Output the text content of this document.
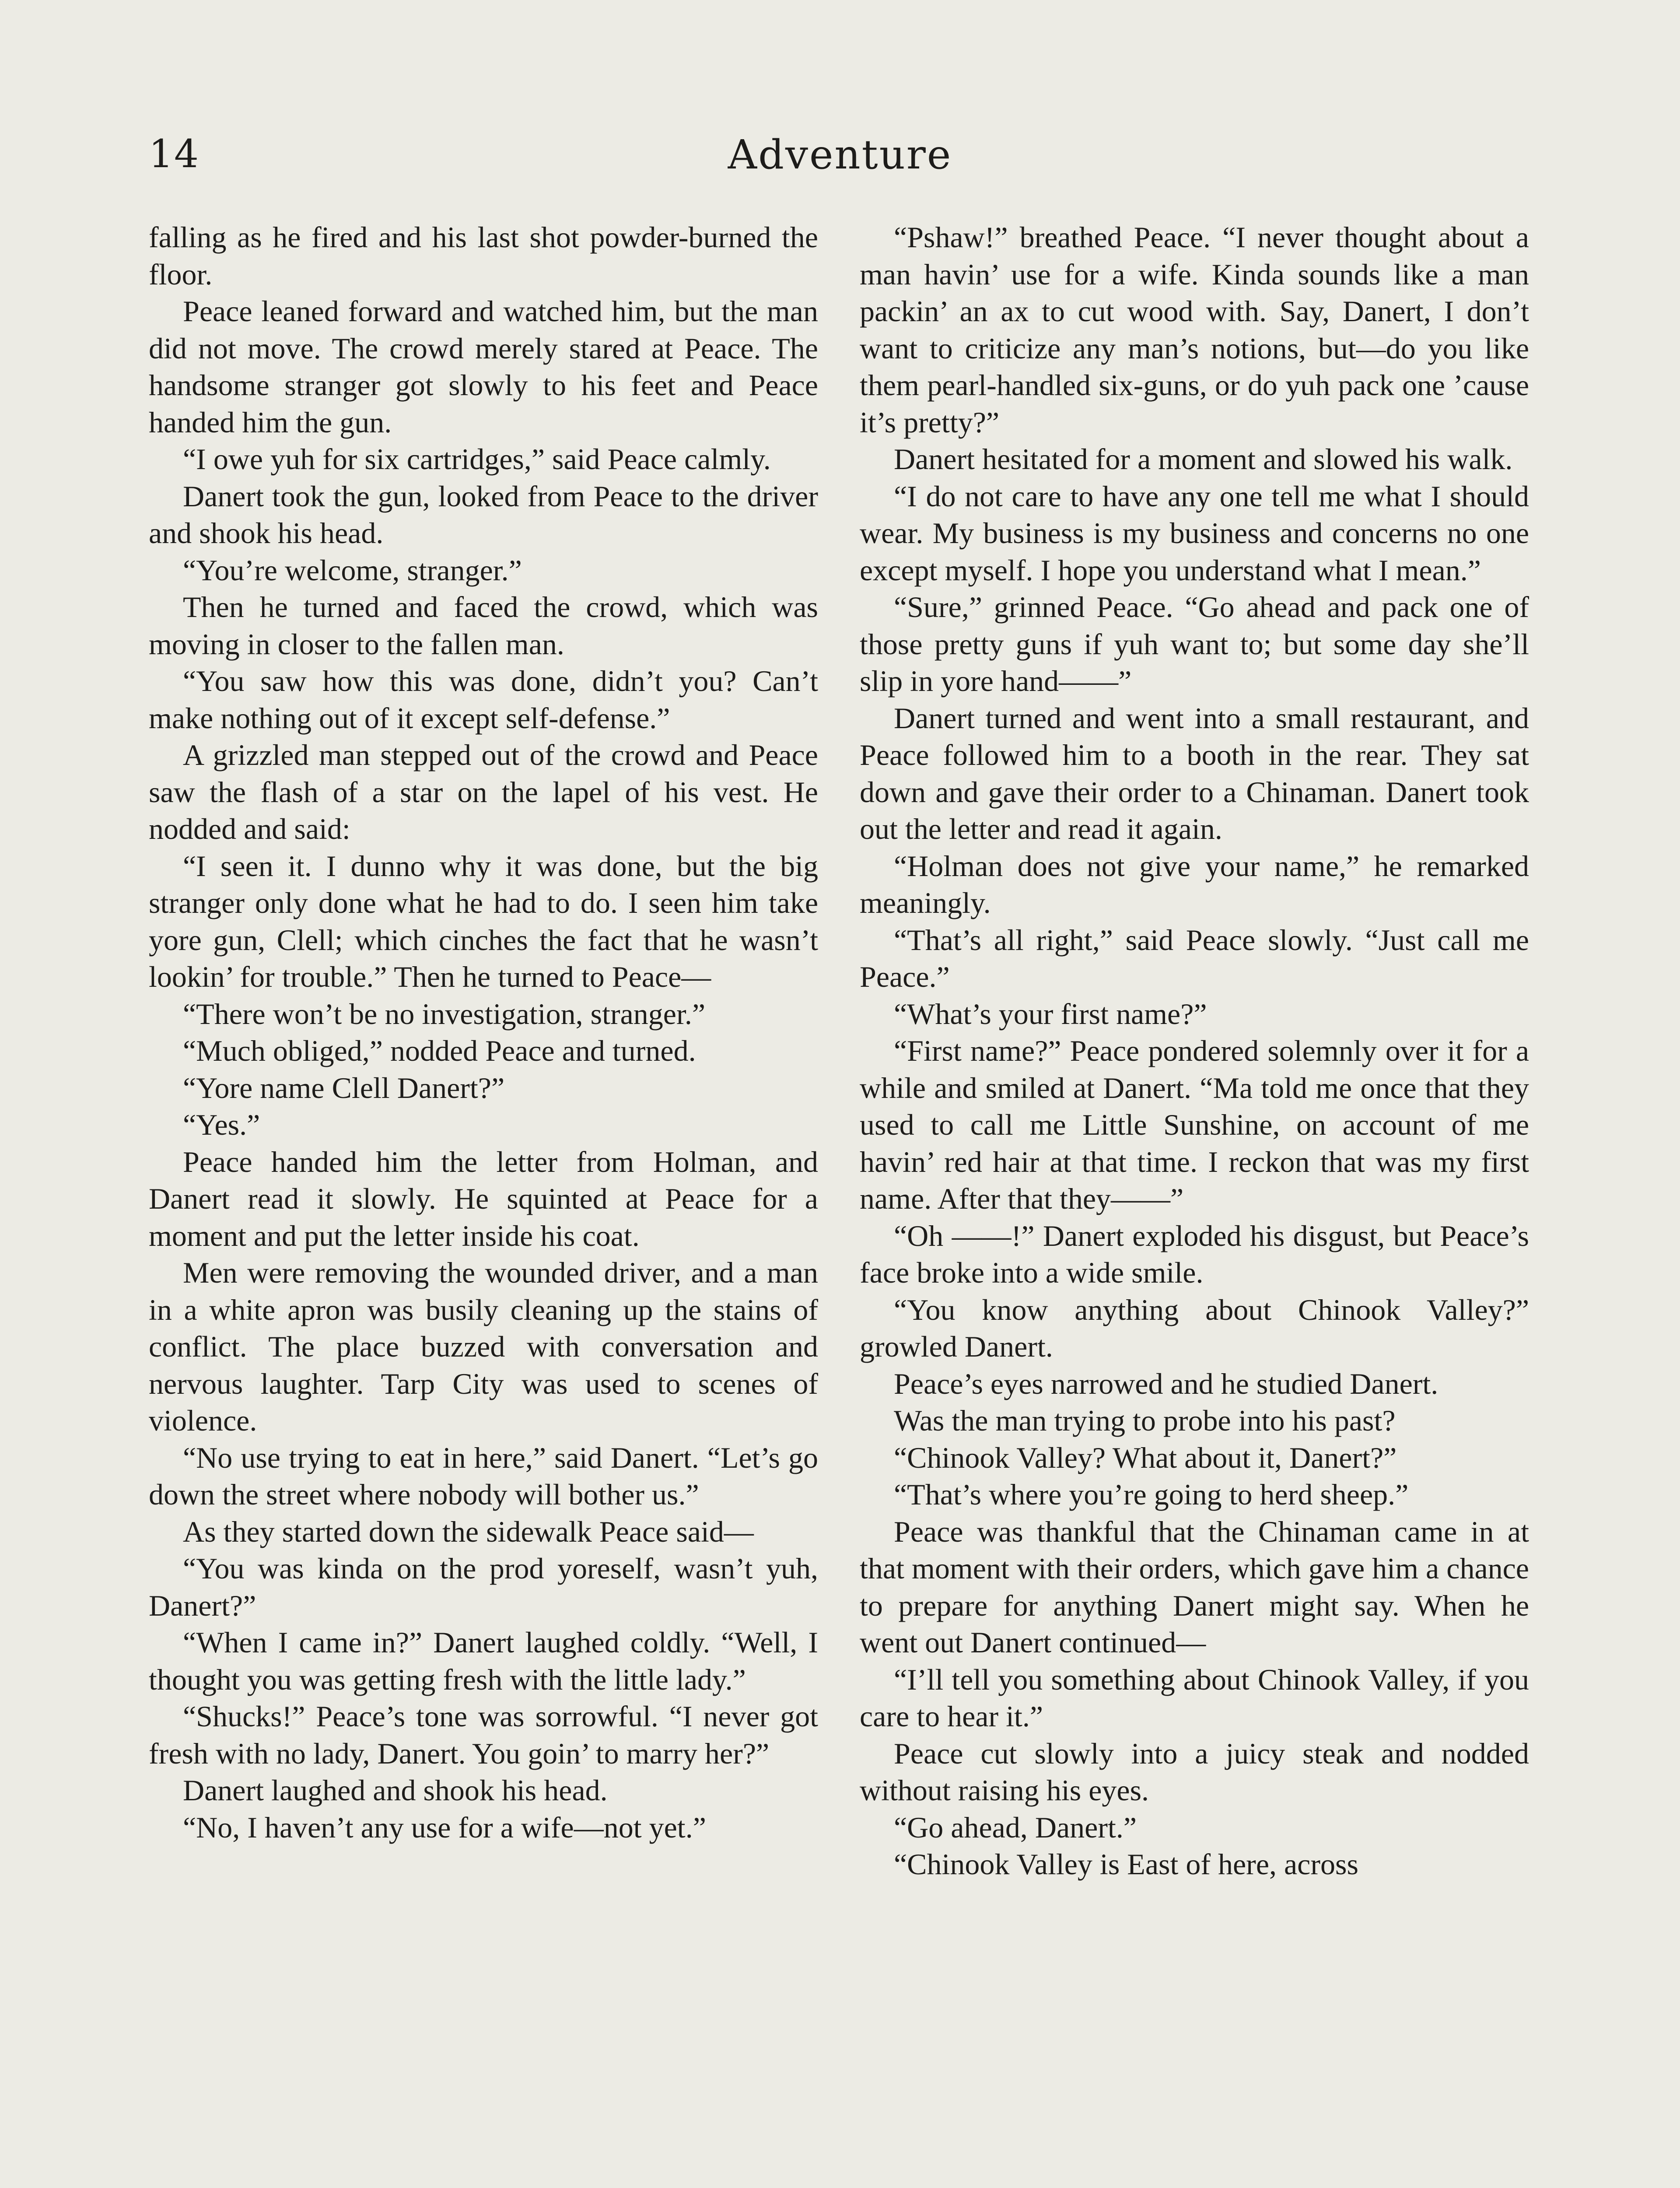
14	Adventure

falling as he fired and his last shot powder-burned the floor.

Peace leaned forward and watched him, but the man did not move. The crowd merely stared at Peace. The handsome stranger got slowly to his feet and Peace handed him the gun.

“I owe yuh for six cartridges,” said Peace calmly.

Danert took the gun, looked from Peace to the driver and shook his head.

“You’re welcome, stranger.”

Then he turned and faced the crowd, which was moving in closer to the fallen man.

“You saw how this was done, didn’t you? Can’t make nothing out of it except self-defense.”

A grizzled man stepped out of the crowd and Peace saw the flash of a star on the lapel of his vest. He nodded and said:

“I seen it. I dunno why it was done, but the big stranger only done what he had to do. I seen him take yore gun, Clell; which cinches the fact that he wasn’t lookin’ for trouble.” Then he turned to Peace—

“There won’t be no investigation, stranger.”

“Much obliged,” nodded Peace and turned.

“Yore name Clell Danert?”

“Yes.”

Peace handed him the letter from Holman, and Danert read it slowly. He squinted at Peace for a moment and put the letter inside his coat.

Men were removing the wounded driver, and a man in a white apron was busily cleaning up the stains of conflict. The place buzzed with conversation and nervous laughter. Tarp City was used to scenes of violence.

“No use trying to eat in here,” said Danert. “Let’s go down the street where nobody will bother us.”

As they started down the sidewalk Peace said—

“You was kinda on the prod yoreself, wasn’t yuh, Danert?”

“When I came in?” Danert laughed coldly. “Well, I thought you was getting fresh with the little lady.”

“Shucks!” Peace’s tone was sorrowful. “I never got fresh with no lady, Danert. You goin’ to marry her?”

Danert laughed and shook his head.

“No, I haven’t any use for a wife—not yet.”

“Pshaw!” breathed Peace. “I never thought about a man havin’ use for a wife. Kinda sounds like a man packin’ an ax to cut wood with. Say, Danert, I don’t want to criticize any man’s notions, but—do you like them pearl-handled six-guns, or do yuh pack one ’cause it’s pretty?”

Danert hesitated for a moment and slowed his walk.

“I do not care to have any one tell me what I should wear. My business is my business and concerns no one except myself. I hope you understand what I mean.”

“Sure,” grinned Peace. “Go ahead and pack one of those pretty guns if yuh want to; but some day she’ll slip in yore hand——”

Danert turned and went into a small restaurant, and Peace followed him to a booth in the rear. They sat down and gave their order to a Chinaman. Danert took out the letter and read it again.

“Holman does not give your name,” he remarked meaningly.

“That’s all right,” said Peace slowly. “Just call me Peace.”

“What’s your first name?”

“First name?” Peace pondered solemnly over it for a while and smiled at Danert. “Ma told me once that they used to call me Little Sunshine, on account of me havin’ red hair at that time. I reckon that was my first name. After that they——”

“Oh ——!” Danert exploded his disgust, but Peace’s face broke into a wide smile.

“You know anything about Chinook Valley?” growled Danert.

Peace’s eyes narrowed and he studied Danert.

Was the man trying to probe into his past?

“Chinook Valley? What about it, Danert?”

“That’s where you’re going to herd sheep.”

Peace was thankful that the Chinaman came in at that moment with their orders, which gave him a chance to prepare for anything Danert might say. When he went out Danert continued—

“I’ll tell you something about Chinook Valley, if you care to hear it.”

Peace cut slowly into a juicy steak and nodded without raising his eyes.

“Go ahead, Danert.”

“Chinook Valley is East of here, across
